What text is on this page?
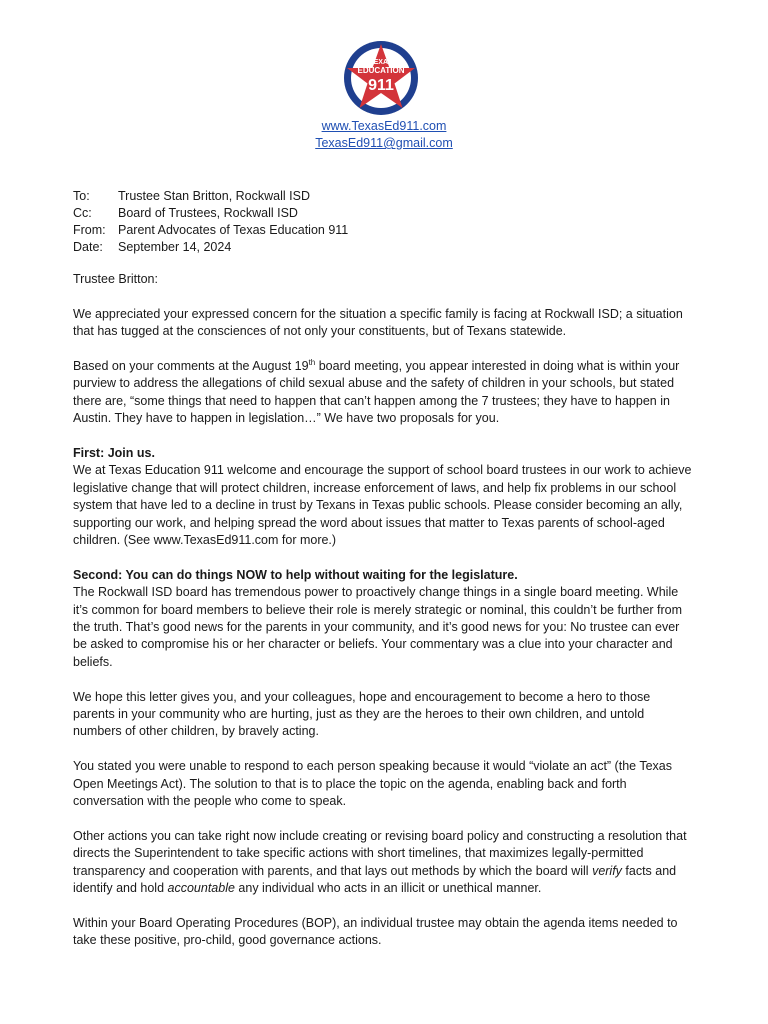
TEXAS
EDUCATION
911
www.TexasEd911.com
TexasEd911@gmail.com
To:	Trustee Stan Britton, Rockwall ISD
Cc:	Board of Trustees, Rockwall ISD
From: Parent Advocates of Texas Education 911
Date:	September 14, 2024

Trustee Britton:

We appreciated your expressed concern for the situation a specific family is facing at Rockwall ISD; a situation that has tugged at the consciences of not only your constituents, but of Texans statewide.

Based on your comments at the August 19th board meeting, you appear interested in doing what is within your purview to address the allegations of child sexual abuse and the safety of children in your schools, but stated there are, “some things that need to happen that can’t happen among the 7 trustees; they have to happen in Austin. They have to happen in legislation…” We have two proposals for you.

First: Join us.

We at Texas Education 911 welcome and encourage the support of school board trustees in our work to achieve legislative change that will protect children, increase enforcement of laws, and help fix problems in our school system that have led to a decline in trust by Texans in Texas public schools. Please consider becoming an ally, supporting our work, and helping spread the word about issues that matter to Texas parents of school-aged children. (See www.TexasEd911.com for more.)

Second: You can do things NOW to help without waiting for the legislature.

The Rockwall ISD board has tremendous power to proactively change things in a single board meeting. While it’s common for board members to believe their role is merely strategic or nominal, this couldn’t be further from the truth. That’s good news for the parents in your community, and it’s good news for you: No trustee can ever be asked to compromise his or her character or beliefs. Your commentary was a clue into your character and beliefs.

We hope this letter gives you, and your colleagues, hope and encouragement to become a hero to those parents in your community who are hurting, just as they are the heroes to their own children, and untold numbers of other children, by bravely acting.

You stated you were unable to respond to each person speaking because it would “violate an act” (the Texas Open Meetings Act). The solution to that is to place the topic on the agenda, enabling back and forth conversation with the people who come to speak.

Other actions you can take right now include creating or revising board policy and constructing a resolution that directs the Superintendent to take specific actions with short timelines, that maximizes legally-permitted transparency and cooperation with parents, and that lays out methods by which the board will verify facts and identify and hold accountable any individual who acts in an illicit or unethical manner.

Within your Board Operating Procedures (BOP), an individual trustee may obtain the agenda items needed to take these positive, pro-child, good governance actions.
